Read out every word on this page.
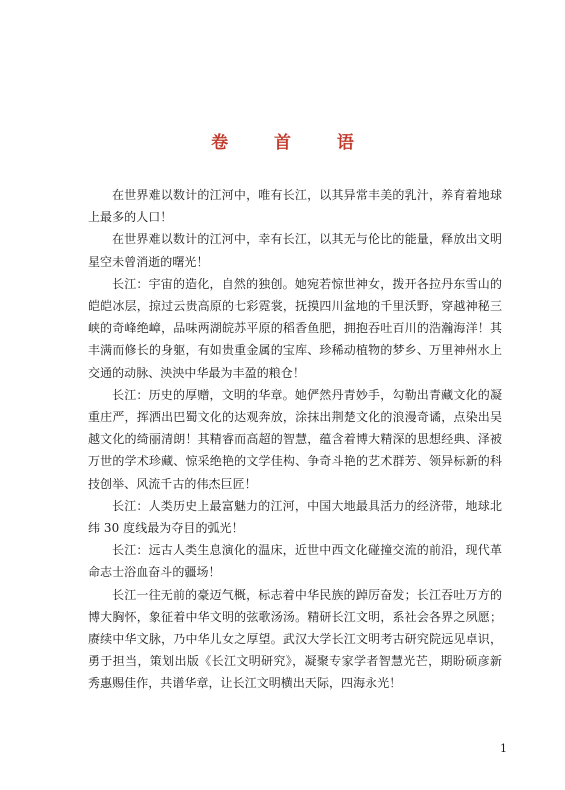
卷 首 语

在世界难以数计的江河中，唯有长江，以其异常丰美的乳汁，养育着地球上最多的人口！

在世界难以数计的江河中，幸有长江，以其无与伦比的能量，释放出文明星空未曾消逝的曙光！

长江：宇宙的造化，自然的独创。她宛若惊世神女，拨开各拉丹东雪山的皑皑冰层，掠过云贵高原的七彩霓裳，抚摸四川盆地的千里沃野，穿越神秘三峡的奇峰绝嶂，品味两湖皖苏平原的稻香鱼肥，拥抱吞吐百川的浩瀚海洋！其丰满而修长的身躯，有如贵重金属的宝库、珍稀动植物的梦乡、万里神州水上交通的动脉、泱泱中华最为丰盈的粮仓！

长江：历史的厚赠，文明的华章。她俨然丹青妙手，勾勒出青藏文化的凝重庄严，挥洒出巴蜀文化的达观奔放，涂抹出荆楚文化的浪漫奇谲，点染出吴越文化的绮丽清朗！其精睿而高超的智慧，蕴含着博大精深的思想经典、泽被万世的学术珍藏、惊采绝艳的文学佳构、争奇斗艳的艺术群芳、领异标新的科技创举、风流千古的伟杰巨匠！

长江：人类历史上最富魅力的江河，中国大地最具活力的经济带，地球北纬 30 度线最为夺目的弧光！

长江：远古人类生息演化的温床，近世中西文化碰撞交流的前沿，现代革命志士浴血奋斗的疆场！

长江一往无前的豪迈气概，标志着中华民族的踔厉奋发；长江吞吐万方的博大胸怀，象征着中华文明的弦歌汤汤。精研长江文明，系社会各界之夙愿；赓续中华文脉，乃中华儿女之厚望。武汉大学长江文明考古研究院远见卓识，勇于担当，策划出版《长江文明研究》，凝聚专家学者智慧光芒，期盼硕彦新秀惠赐佳作，共谱华章，让长江文明横出天际，四海永光！

1
